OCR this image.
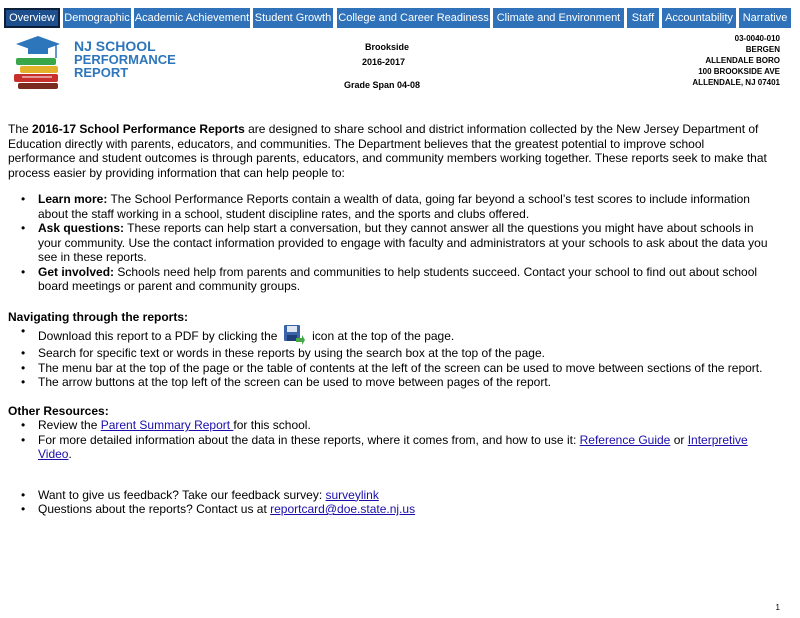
Overview Demographic Academic Achievement Student Growth College and Career Readiness Climate and Environment	Staff Accountability Narrative
NJ SCHOOL
PERFORMANCE
REPORT
Brookside
2016-2017
Grade Span 04-08
03-0040-010
BERGEN
ALLENDALE BORO
100 BROOKSIDE AVE
ALLENDALE, NJ 07401

The 2016-17 School Performance Reports are designed to share school and district information collected by the New Jersey Department of Education directly with parents, educators, and communities. The Department believes that the greatest potential to improve school performance and student outcomes is through parents, educators, and community members working together. These reports seek to make that process easier by providing information that can help people to:

• Learn more: The School Performance Reports contain a wealth of data, going far beyond a school’s test scores to include information about the staff working in a school, student discipline rates, and the sports and clubs offered.
• Ask questions: These reports can help start a conversation, but they cannot answer all the questions you might have about schools in your community. Use the contact information provided to engage with faculty and administrators at your schools to ask about the data you see in these reports.
• Get involved: Schools need help from parents and communities to help students succeed. Contact your school to find out about school board meetings or parent and community groups.

Navigating through the reports:

• Download this report to a PDF by clicking the  icon at the top of the page.
• Search for specific text or words in these reports by using the search box at the top of the page.
• The menu bar at the top of the page or the table of contents at the left of the screen can be used to move between sections of the report.
• The arrow buttons at the top left of the screen can be used to move between pages of the report.

Other Resources:

• Review the Parent Summary Report for this school.
• For more detailed information about the data in these reports, where it comes from, and how to use it: Reference Guide or Interpretive Video.
• Want to give us feedback? Take our feedback survey: surveylink
• Questions about the reports? Contact us at reportcard@doe.state.nj.us
1
